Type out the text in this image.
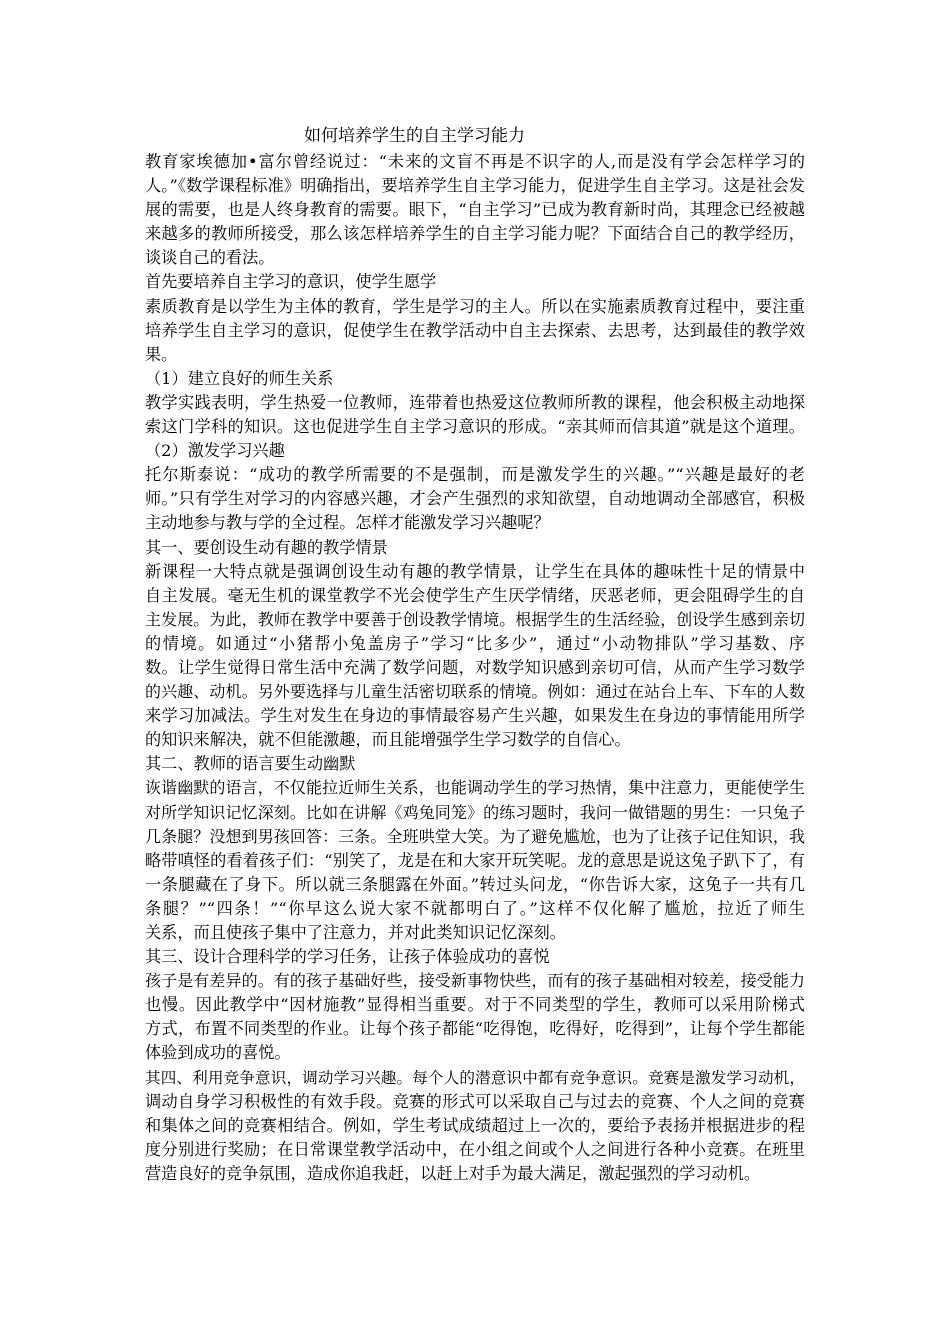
如何培养学生的自主学习能力
教育家埃德加•富尔曾经说过：“未来的文盲不再是不识字的人,而是没有学会怎样学习的
人。”《数学课程标准》明确指出，要培养学生自主学习能力，促进学生自主学习。这是社会发
展的需要，也是人终身教育的需要。眼下，“自主学习”已成为教育新时尚，其理念已经被越
来越多的教师所接受，那么该怎样培养学生的自主学习能力呢？下面结合自己的教学经历，
谈谈自己的看法。
首先要培养自主学习的意识，使学生愿学
素质教育是以学生为主体的教育，学生是学习的主人。所以在实施素质教育过程中，要注重
培养学生自主学习的意识，促使学生在教学活动中自主去探索、去思考，达到最佳的教学效
果。
（1）建立良好的师生关系
教学实践表明，学生热爱一位教师，连带着也热爱这位教师所教的课程，他会积极主动地探
索这门学科的知识。这也促进学生自主学习意识的形成。“亲其师而信其道”就是这个道理。
（2）激发学习兴趣
托尔斯泰说：“成功的教学所需要的不是强制，而是激发学生的兴趣。”“兴趣是最好的老
师。”只有学生对学习的内容感兴趣，才会产生强烈的求知欲望，自动地调动全部感官，积极
主动地参与教与学的全过程。怎样才能激发学习兴趣呢？
其一、要创设生动有趣的教学情景
新课程一大特点就是强调创设生动有趣的教学情景，让学生在具体的趣味性十足的情景中
自主发展。毫无生机的课堂教学不光会使学生产生厌学情绪，厌恶老师，更会阻碍学生的自
主发展。为此，教师在教学中要善于创设教学情境。根据学生的生活经验，创设学生感到亲切
的情境。如通过“小猪帮小兔盖房子”学习“比多少”，通过“小动物排队”学习基数、序
数。让学生觉得日常生活中充满了数学问题，对数学知识感到亲切可信，从而产生学习数学
的兴趣、动机。另外要选择与儿童生活密切联系的情境。例如：通过在站台上车、下车的人数
来学习加减法。学生对发生在身边的事情最容易产生兴趣，如果发生在身边的事情能用所学
的知识来解决，就不但能激趣，而且能增强学生学习数学的自信心。
其二、教师的语言要生动幽默
诙谐幽默的语言，不仅能拉近师生关系，也能调动学生的学习热情，集中注意力，更能使学生
对所学知识记忆深刻。比如在讲解《鸡兔同笼》的练习题时，我问一做错题的男生：一只兔子
几条腿？没想到男孩回答：三条。全班哄堂大笑。为了避免尴尬，也为了让孩子记住知识，我
略带嗔怪的看着孩子们：“别笑了，龙是在和大家开玩笑呢。龙的意思是说这兔子趴下了，有
一条腿藏在了身下。所以就三条腿露在外面。”转过头问龙，“你告诉大家，这兔子一共有几
条腿？”“四条！”“你早这么说大家不就都明白了。”这样不仅化解了尴尬，拉近了师生
关系，而且使孩子集中了注意力，并对此类知识记忆深刻。
其三、设计合理科学的学习任务，让孩子体验成功的喜悦
孩子是有差异的。有的孩子基础好些，接受新事物快些，而有的孩子基础相对较差，接受能力
也慢。因此教学中“因材施教”显得相当重要。对于不同类型的学生，教师可以采用阶梯式
方式，布置不同类型的作业。让每个孩子都能“吃得饱，吃得好，吃得到”，让每个学生都能
体验到成功的喜悦。
其四、利用竞争意识，调动学习兴趣。每个人的潜意识中都有竞争意识。竞赛是激发学习动机，
调动自身学习积极性的有效手段。竞赛的形式可以采取自己与过去的竞赛、个人之间的竞赛
和集体之间的竞赛相结合。例如，学生考试成绩超过上一次的，要给予表扬并根据进步的程
度分别进行奖励；在日常课堂教学活动中，在小组之间或个人之间进行各种小竞赛。在班里
营造良好的竞争氛围，造成你追我赶，以赶上对手为最大满足，激起强烈的学习动机。
